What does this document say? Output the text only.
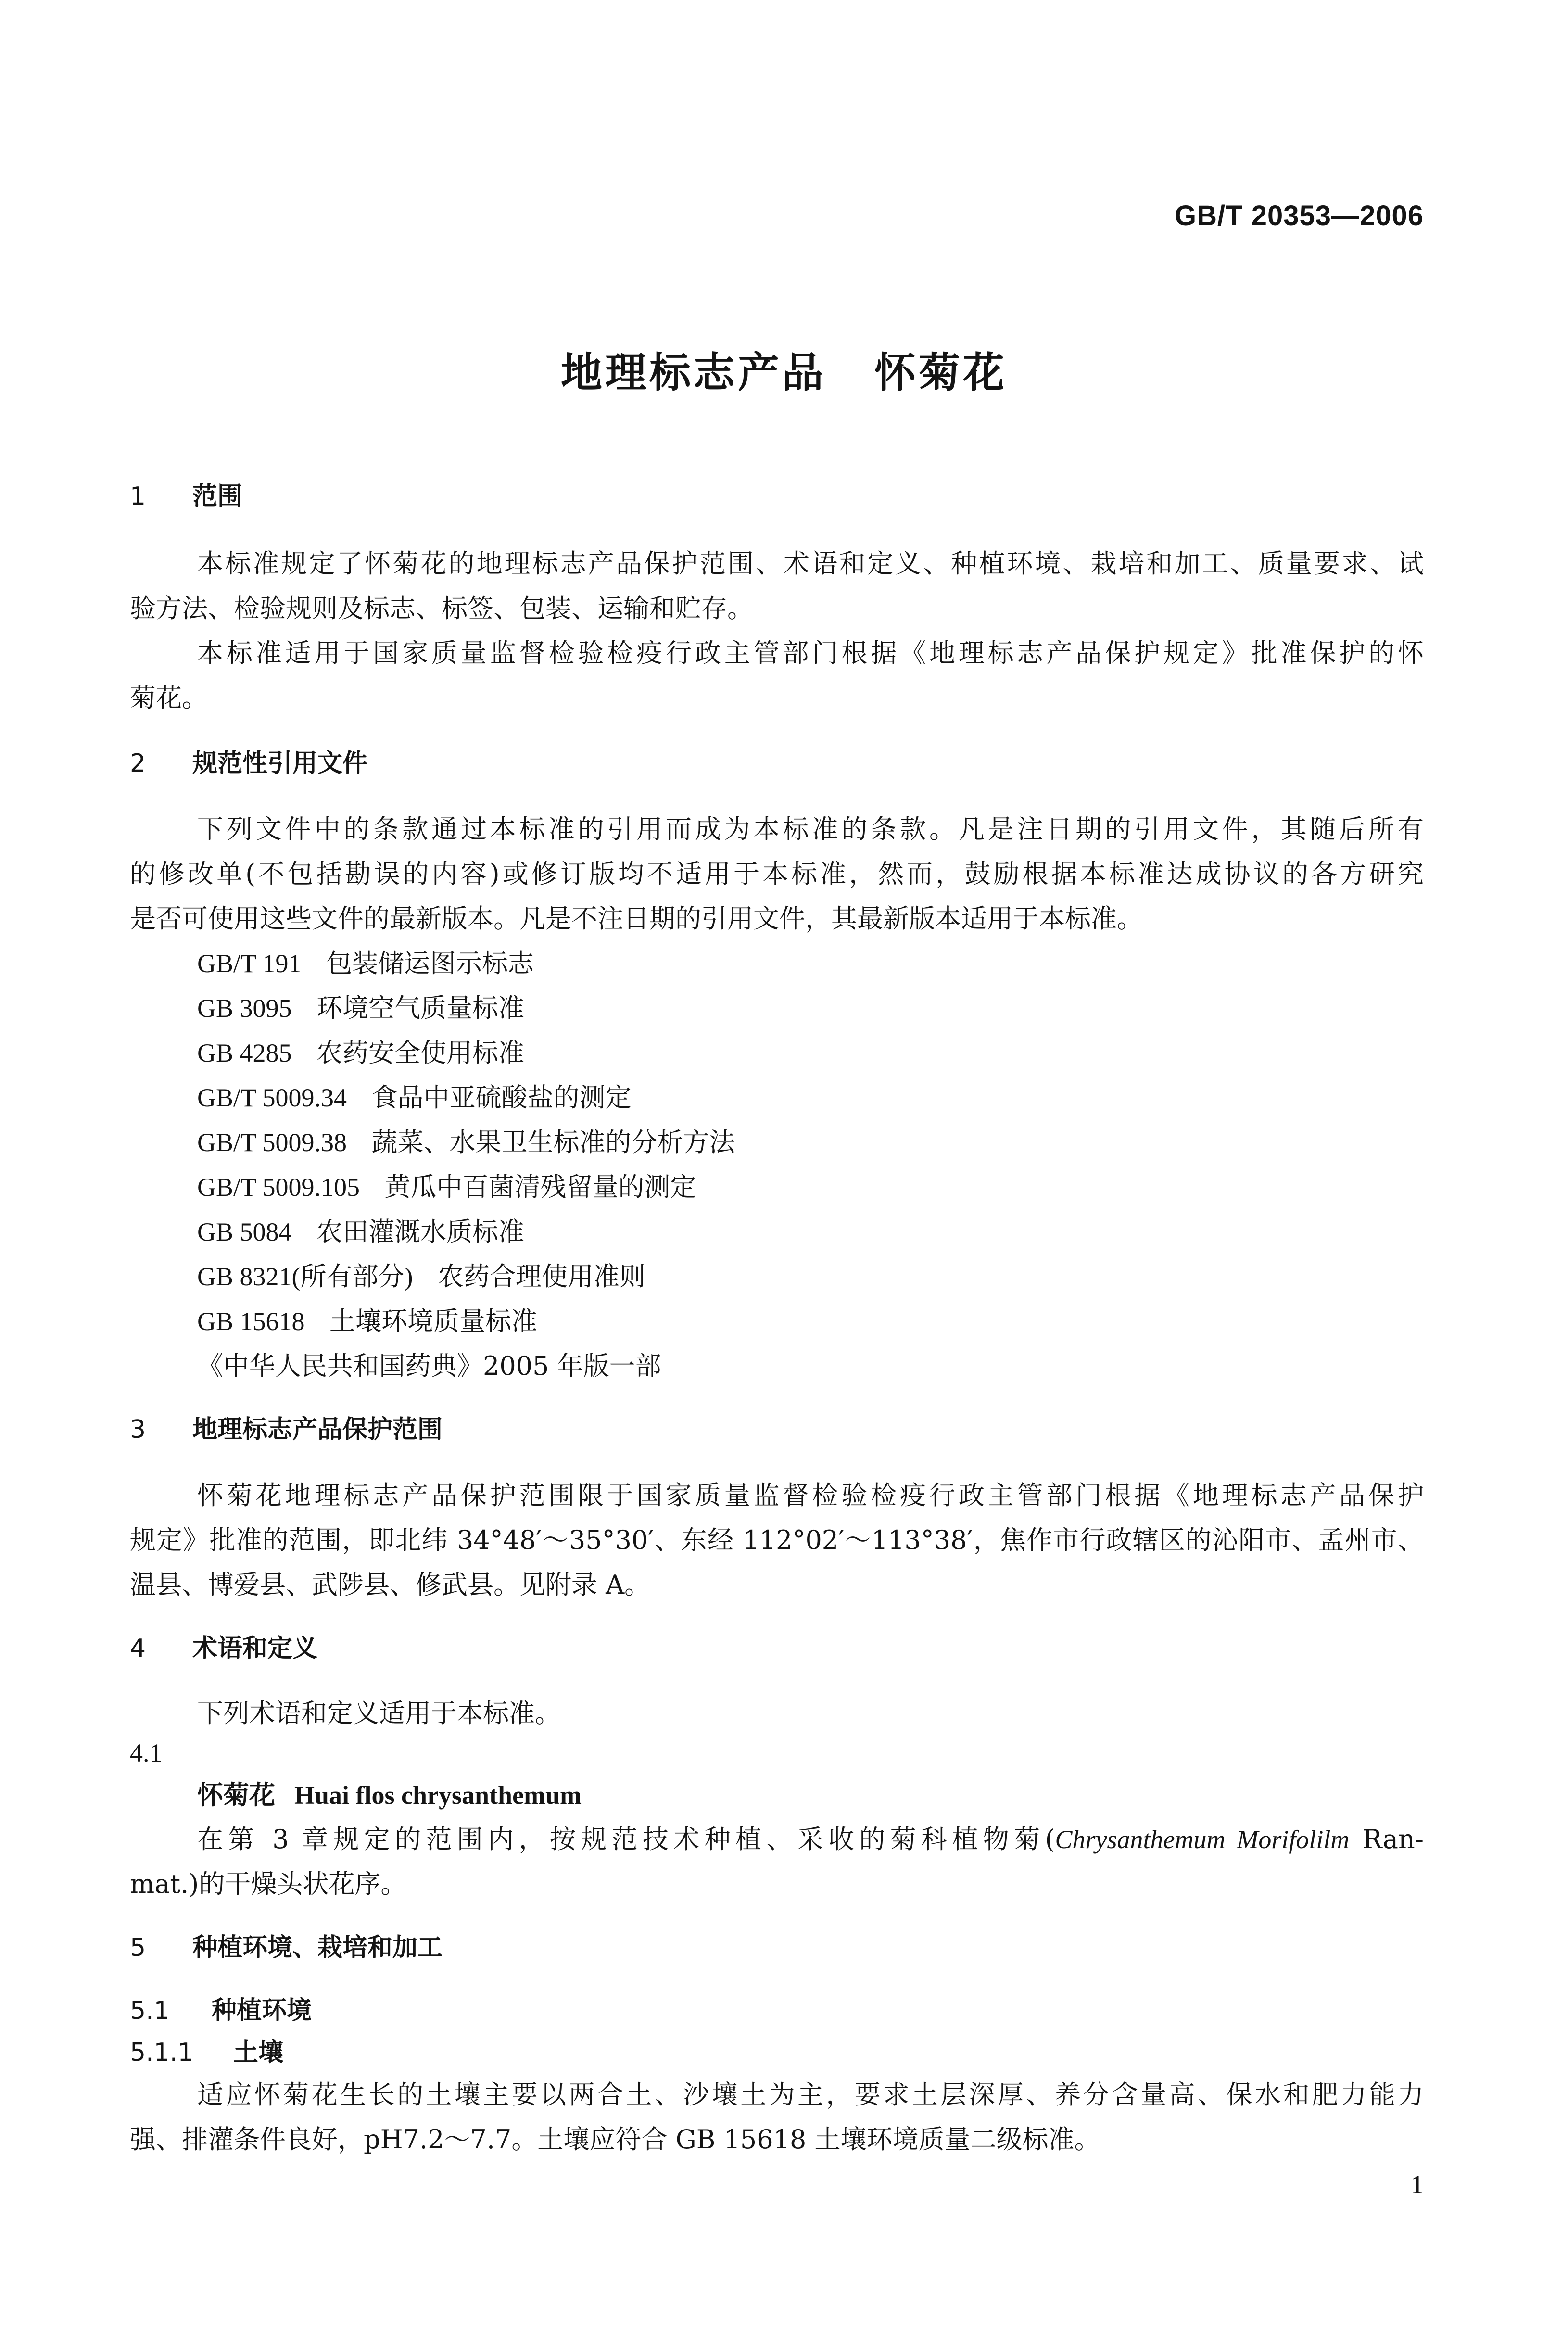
GB/T 20353—2006
地理标志产品 怀菊花
1 范围
本标准规定了怀菊花的地理标志产品保护范围、术语和定义、种植环境、栽培和加工、质量要求、试
验方法、检验规则及标志、标签、包装、运输和贮存。
本标准适用于国家质量监督检验检疫行政主管部门根据《地理标志产品保护规定》批准保护的怀
菊花。
2 规范性引用文件
下列文件中的条款通过本标准的引用而成为本标准的条款。凡是注日期的引用文件，其随后所有
的修改单(不包括勘误的内容)或修订版均不适用于本标准，然而，鼓励根据本标准达成协议的各方研究
是否可使用这些文件的最新版本。凡是不注日期的引用文件，其最新版本适用于本标准。
GB/T 191 包装储运图示标志
GB 3095 环境空气质量标准
GB 4285 农药安全使用标准
GB/T 5009.34 食品中亚硫酸盐的测定
GB/T 5009.38 蔬菜、水果卫生标准的分析方法
GB/T 5009.105 黄瓜中百菌清残留量的测定
GB 5084 农田灌溉水质标准
GB 8321(所有部分) 农药合理使用准则
GB 15618 土壤环境质量标准
《中华人民共和国药典》2005 年版一部
3 地理标志产品保护范围
怀菊花地理标志产品保护范围限于国家质量监督检验检疫行政主管部门根据《地理标志产品保护
规定》批准的范围，即北纬 34°48′～35°30′、东经 112°02′～113°38′，焦作市行政辖区的沁阳市、孟州市、
温县、博爱县、武陟县、修武县。见附录 A。
4 术语和定义
下列术语和定义适用于本标准。
4.1
怀菊花 Huai flos chrysanthemum
在第 3 章规定的范围内，按规范技术种植、采收的菊科植物菊(Chrysanthemum Morifolilm Ran-
mat.)的干燥头状花序。
5 种植环境、栽培和加工
5.1 种植环境
5.1.1 土壤
适应怀菊花生长的土壤主要以两合土、沙壤土为主，要求土层深厚、养分含量高、保水和肥力能力
强、排灌条件良好，pH7.2～7.7。土壤应符合 GB 15618 土壤环境质量二级标准。
1
